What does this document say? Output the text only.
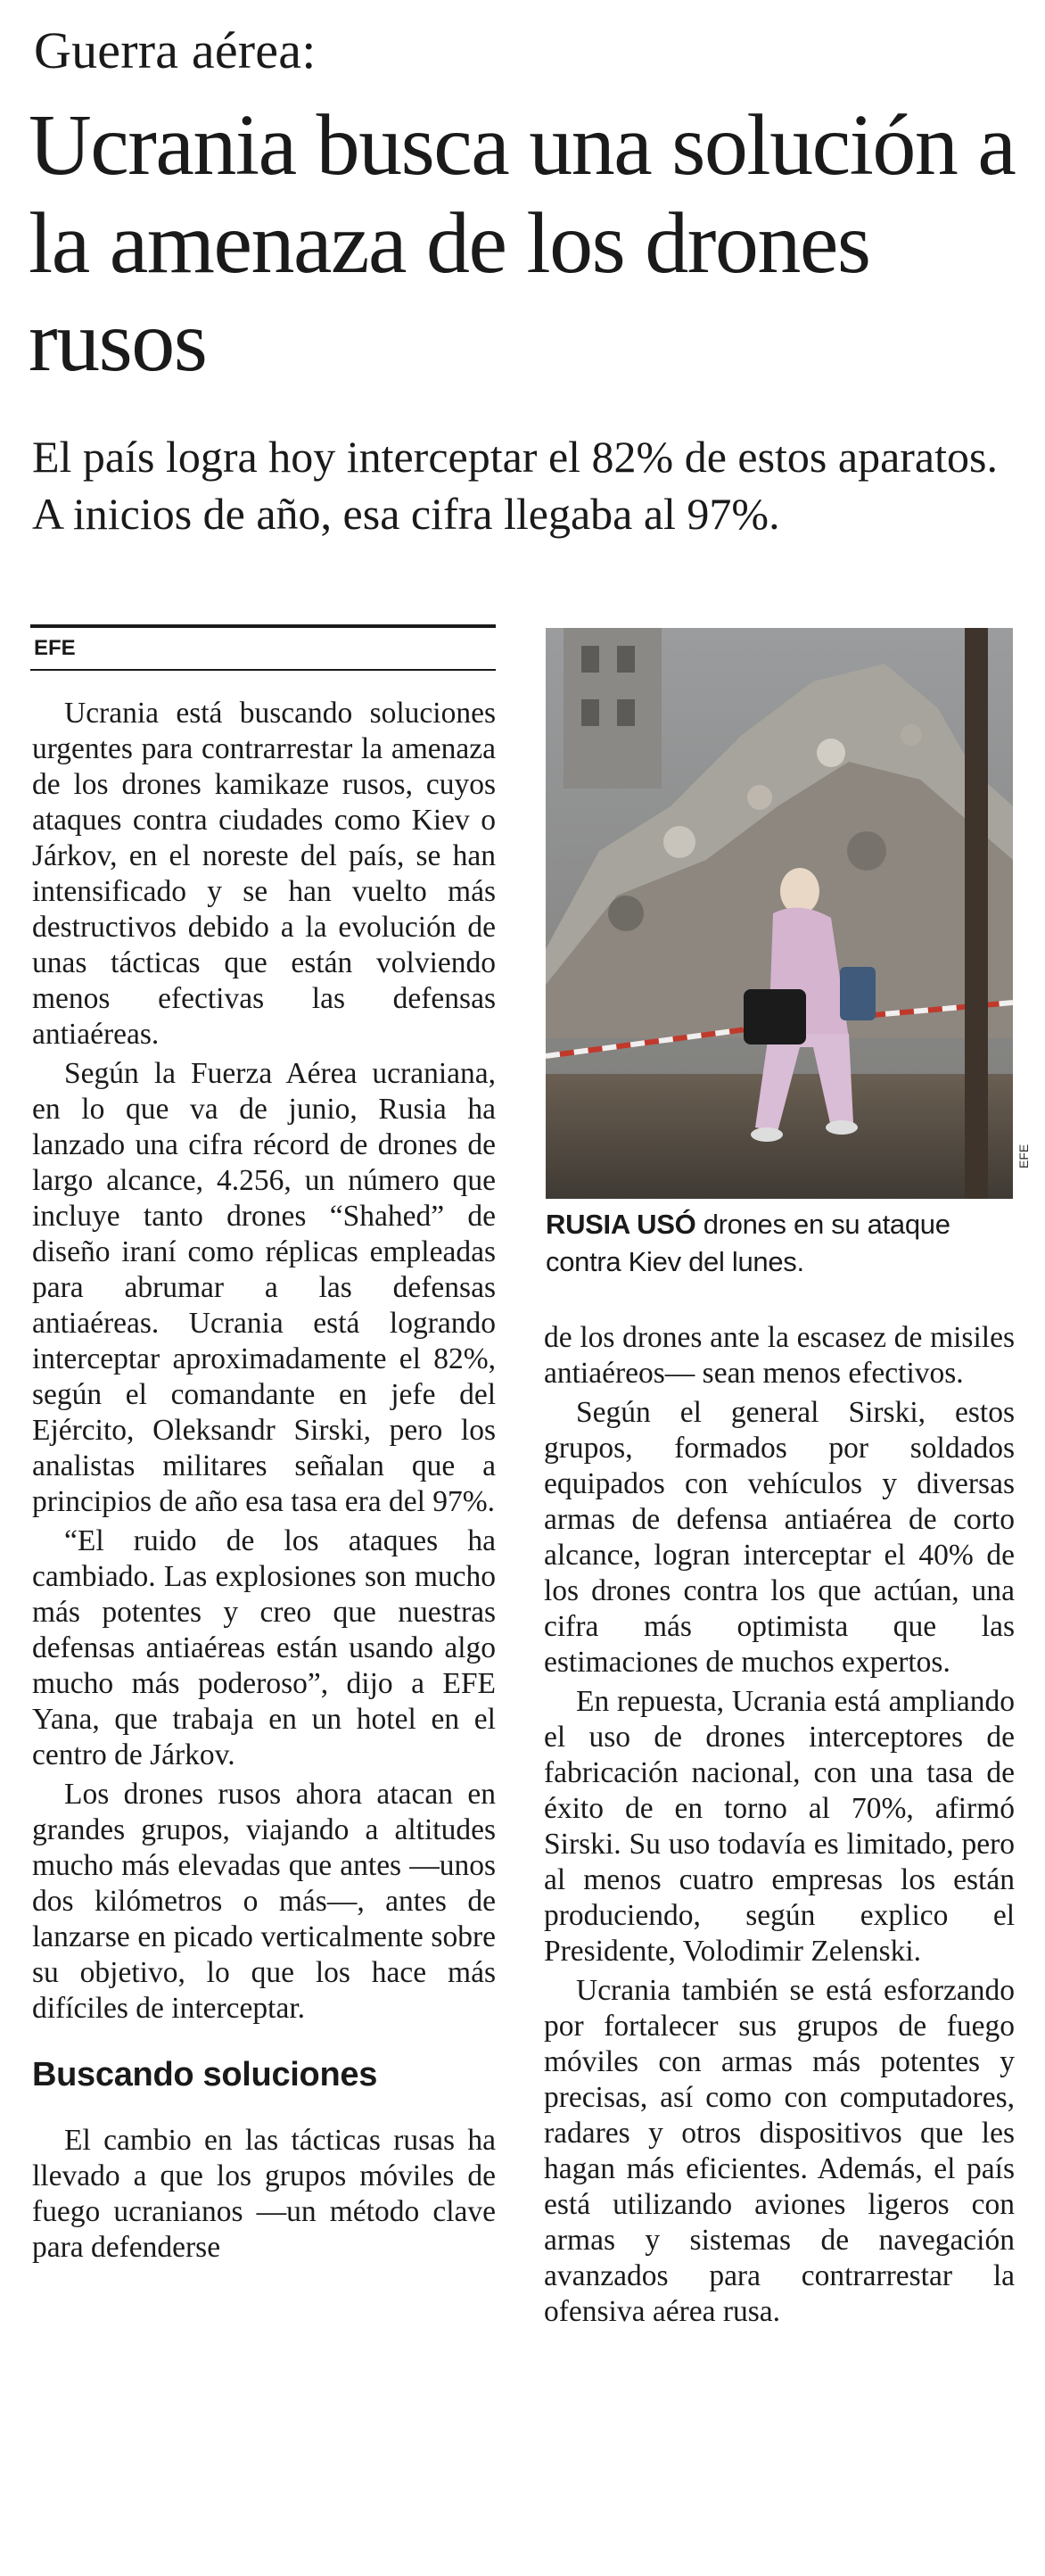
Guerra aérea:
Ucrania busca una solución a la amenaza de los drones rusos
El país logra hoy interceptar el 82% de estos aparatos. A inicios de año, esa cifra llegaba al 97%.
EFE

Ucrania está buscando soluciones urgentes para contrarrestar la amenaza de los drones kamikaze rusos, cuyos ataques contra ciudades como Kiev o Járkov, en el noreste del país, se han intensificado y se han vuelto más destructivos debido a la evolución de unas tácticas que están volviendo menos efectivas las defensas antiaéreas.

Según la Fuerza Aérea ucraniana, en lo que va de junio, Rusia ha lanzado una cifra récord de drones de largo alcance, 4.256, un número que incluye tanto drones “Shahed” de diseño iraní como réplicas empleadas para abrumar a las defensas antiaéreas. Ucrania está logrando interceptar aproximadamente el 82%, según el comandante en jefe del Ejército, Oleksandr Sirski, pero los analistas militares señalan que a principios de año esa tasa era del 97%.

“El ruido de los ataques ha cambiado. Las explosiones son mucho más potentes y creo que nuestras defensas antiaéreas están usando algo mucho más poderoso”, dijo a EFE Yana, que trabaja en un hotel en el centro de Járkov.

Los drones rusos ahora atacan en grandes grupos, viajando a altitudes mucho más elevadas que antes —unos dos kilómetros o más—, antes de lanzarse en picado verticalmente sobre su objetivo, lo que los hace más difíciles de interceptar.

Buscando soluciones

El cambio en las tácticas rusas ha llevado a que los grupos móviles de fuego ucranianos —un método clave para defenderse

EFE
RUSIA USÓ drones en su ataque contra Kiev del lunes.

de los drones ante la escasez de misiles antiaéreos— sean menos efectivos.

Según el general Sirski, estos grupos, formados por soldados equipados con vehículos y diversas armas de defensa antiaérea de corto alcance, logran interceptar el 40% de los drones contra los que actúan, una cifra más optimista que las estimaciones de muchos expertos.

En repuesta, Ucrania está ampliando el uso de drones interceptores de fabricación nacional, con una tasa de éxito de en torno al 70%, afirmó Sirski. Su uso todavía es limitado, pero al menos cuatro empresas los están produciendo, según explico el Presidente, Volodimir Zelenski.

Ucrania también se está esforzando por fortalecer sus grupos de fuego móviles con armas más potentes y precisas, así como con computadores, radares y otros dispositivos que les hagan más eficientes. Además, el país está utilizando aviones ligeros con armas y sistemas de navegación avanzados para contrarrestar la ofensiva aérea rusa.
